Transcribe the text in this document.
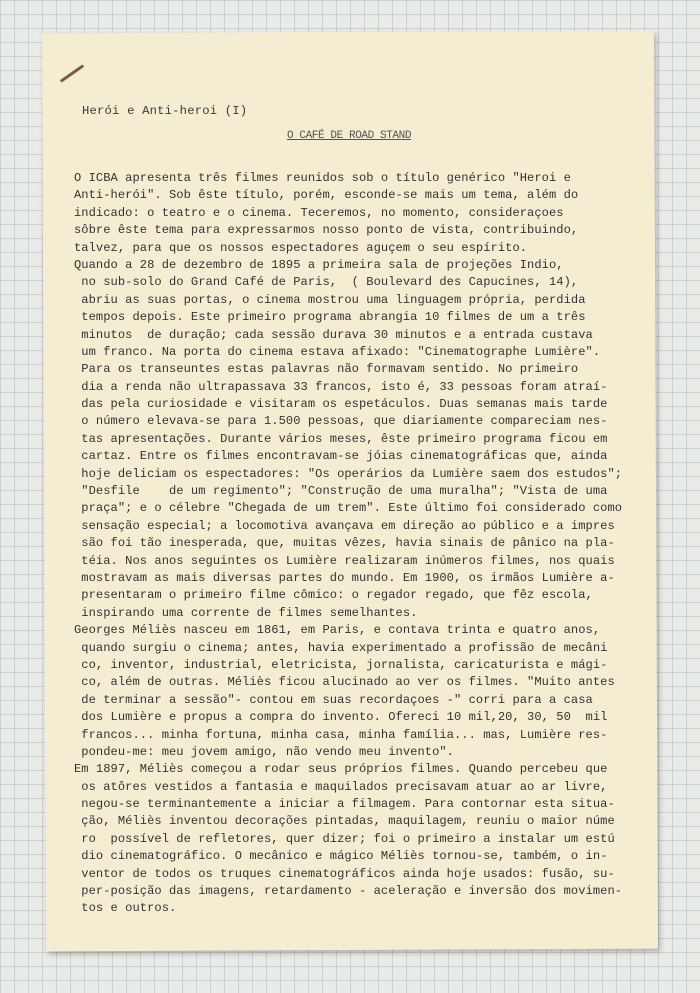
Herói e Anti-heroi (I)
O CAFÉ DE ROAD STAND
O ICBA apresenta três filmes reunidos sob o título genérico "Heroi e
Anti-herói". Sob êste título, porém, esconde-se mais um tema, além do
indicado: o teatro e o cinema. Teceremos, no momento, consideraçoes
sôbre êste tema para expressarmos nosso ponto de vista, contribuindo,
talvez, para que os nossos espectadores aguçem o seu espírito.
Quando a 28 de dezembro de 1895 a primeira sala de projeções Indio,
no sub-solo do Grand Café de Paris,  ( Boulevard des Capucines, 14),
abriu as suas portas, o cinema mostrou uma linguagem própria, perdida
tempos depois. Este primeiro programa abrangia 10 filmes de um a três
minutos  de duração; cada sessão durava 30 minutos e a entrada custava
um franco. Na porta do cinema estava afixado: "Cinematographe Lumière".
Para os transeuntes estas palavras não formavam sentido. No primeiro
dia a renda não ultrapassava 33 francos, isto é, 33 pessoas foram atraí-
das pela curiosidade e visitaram os espetáculos. Duas semanas mais tarde
o número elevava-se para 1.500 pessoas, que diariamente compareciam nes-
tas apresentações. Durante vários meses, êste primeiro programa ficou em
cartaz. Entre os filmes encontravam-se jóias cinematográficas que, ainda
hoje deliciam os espectadores: "Os operários da Lumière saem dos estudos";
"Desfile    de um regimento"; "Construção de uma muralha"; "Vista de uma
praça"; e o célebre "Chegada de um trem". Este último foi considerado como
sensação especial; a locomotiva avançava em direção ao público e a impres
são foi tão inesperada, que, muitas vêzes, havia sinais de pânico na pla-
téia. Nos anos seguintes os Lumière realizaram inúmeros filmes, nos quais
mostravam as mais diversas partes do mundo. Em 1900, os irmãos Lumière a-
presentaram o primeiro filme cômico: o regador regado, que fêz escola,
inspirando uma corrente de filmes semelhantes.
Georges Méliès nasceu em 1861, em Paris, e contava trinta e quatro anos,
quando surgiu o cinema; antes, havia experimentado a profissão de mecâni
co, inventor, industrial, eletricista, jornalista, caricaturista e mági-
co, além de outras. Méliès ficou alucinado ao ver os filmes. "Muito antes
de terminar a sessão"- contou em suas recordaçoes -" corri para a casa
dos Lumière e propus a compra do invento. Ofereci 10 mil,20, 30, 50  mil
francos... minha fortuna, minha casa, minha família... mas, Lumière res-
pondeu-me: meu jovem amigo, não vendo meu invento".
Em 1897, Méliès começou a rodar seus próprios filmes. Quando percebeu que
os atôres vestidos a fantasia e maquilados precisavam atuar ao ar livre,
negou-se terminantemente a iniciar a filmagem. Para contornar esta situa-
ção, Méliès inventou decorações pintadas, maquilagem, reuniu o maior núme
ro  possível de refletores, quer dizer; foi o primeiro a instalar um estú
dio cinematográfico. O mecânico e mágico Méliès tornou-se, também, o in-
ventor de todos os truques cinematográficos ainda hoje usados: fusão, su-
per-posição das imagens, retardamento - aceleração e inversão dos movimen-
tos e outros.
